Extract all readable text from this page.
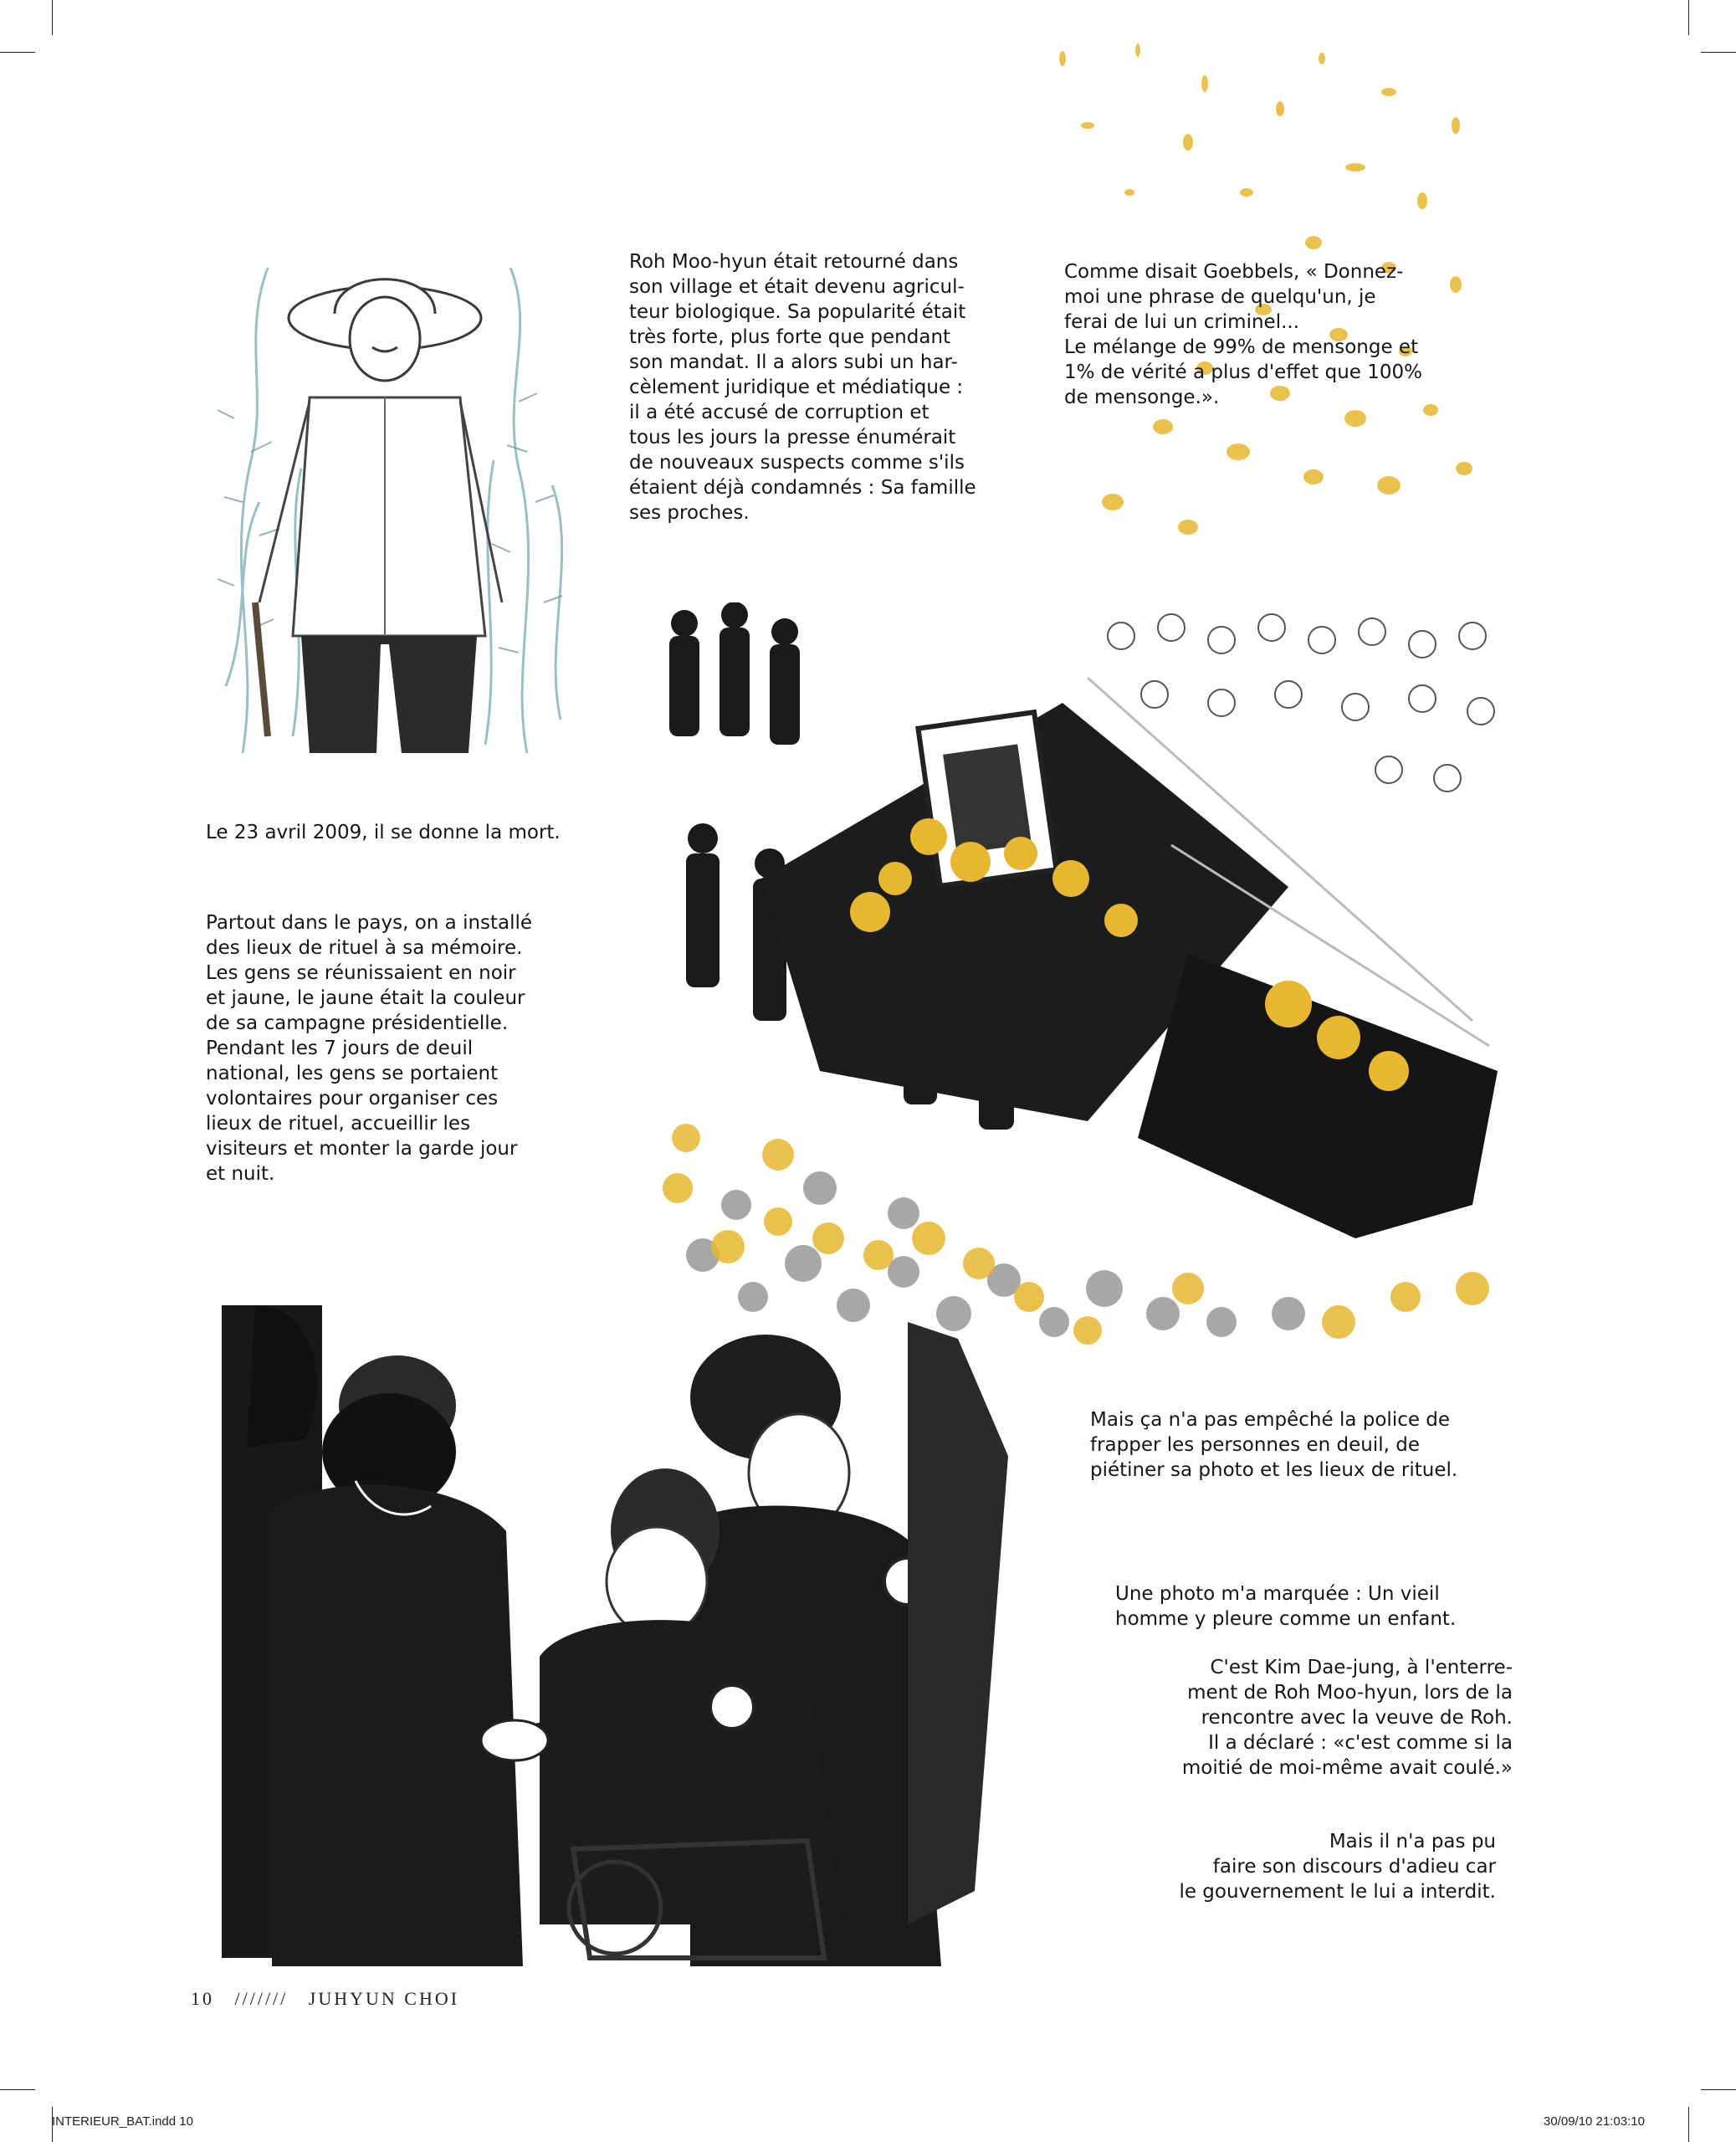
Roh Moo-hyun était retourné dans
son village et était devenu agricul-
teur biologique. Sa popularité était
très forte, plus forte que pendant
son mandat. Il a alors subi un har-
cèlement juridique et médiatique :
il a été accusé de corruption et
tous les jours la presse énumérait
de nouveaux suspects comme s'ils
étaient déjà condamnés : Sa famille
ses proches.

Comme disait Goebbels, « Donnez-
moi une phrase de quelqu'un, je
ferai de lui un criminel...
Le mélange de 99% de mensonge et
1% de vérité a plus d'effet que 100%
de mensonge.».

Le 23 avril 2009, il se donne la mort.

Partout dans le pays, on a installé
des lieux de rituel à sa mémoire.
Les gens se réunissaient en noir
et jaune, le jaune était la couleur
de sa campagne présidentielle.
Pendant les 7 jours de deuil
national, les gens se portaient
volontaires pour organiser ces
lieux de rituel, accueillir les
visiteurs et monter la garde jour
et nuit.

Mais ça n'a pas empêché la police de
frapper les personnes en deuil, de
piétiner sa photo et les lieux de rituel.

Une photo m'a marquée : Un vieil
homme y pleure comme un enfant.

C'est Kim Dae-jung, à l'enterre-
ment de Roh Moo-hyun, lors de la
rencontre avec la veuve de Roh.
Il a déclaré : «c'est comme si la
moitié de moi-même avait coulé.»

Mais il n'a pas pu
faire son discours d'adieu car
le gouvernement le lui a interdit.

10 /////// JUHYUN CHOI
INTERIEUR_BAT.indd 10	30/09/10 21:03:10
